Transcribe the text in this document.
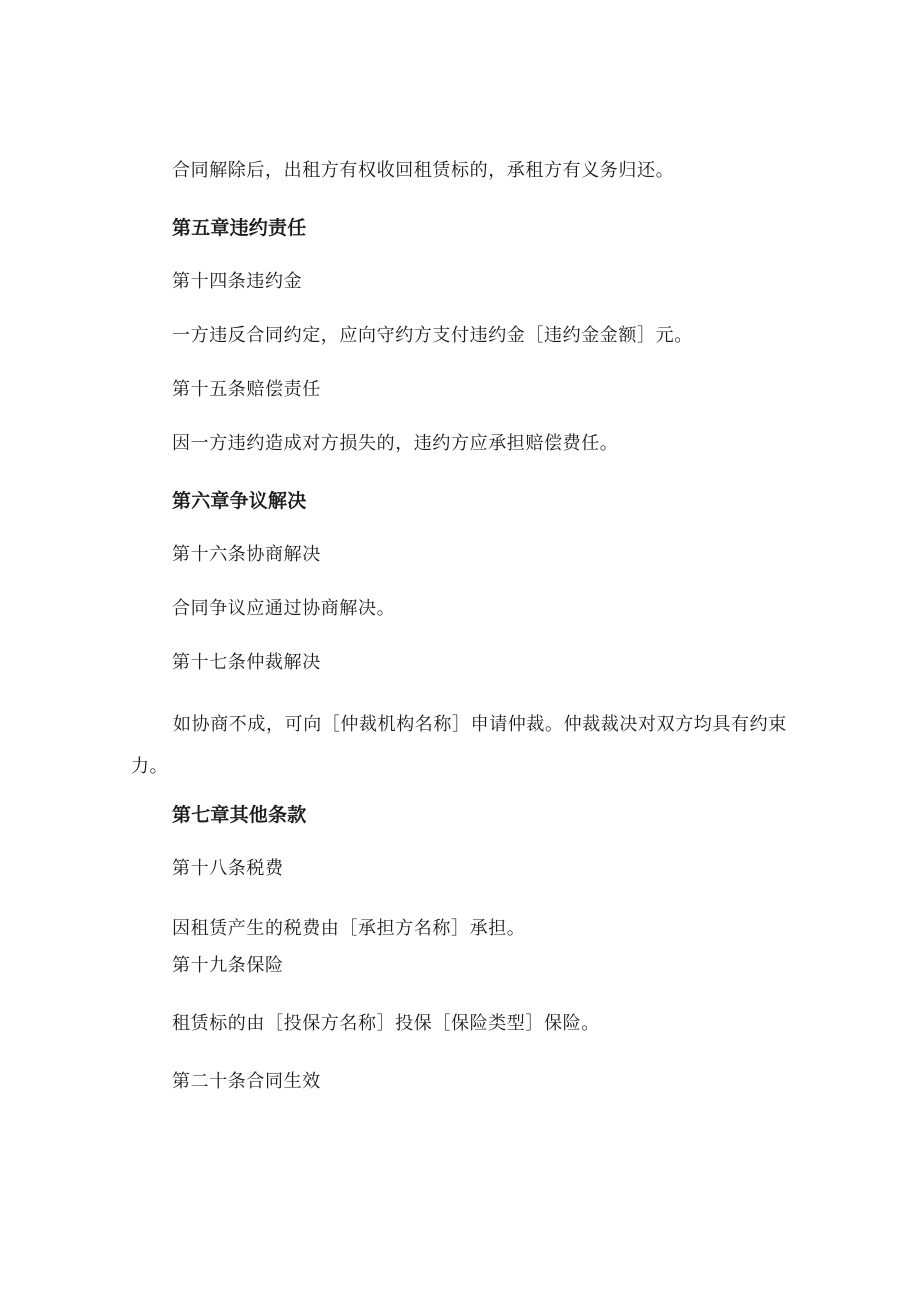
合同解除后，出租方有权收回租赁标的，承租方有义务归还。
第五章违约责任
第十四条违约金
一方违反合同约定，应向守约方支付违约金［违约金金额］元。
第十五条赔偿责任
因一方违约造成对方损失的，违约方应承担赔偿费任。
第六章争议解决
第十六条协商解决
合同争议应通过协商解决。
第十七条仲裁解决
如协商不成，可向［仲裁机构名称］申请仲裁。仲裁裁决对双方均具有约束力。
第七章其他条款
第十八条税费
因租赁产生的税费由［承担方名称］承担。
第十九条保险
租赁标的由［投保方名称］投保［保险类型］保险。
第二十条合同生效
